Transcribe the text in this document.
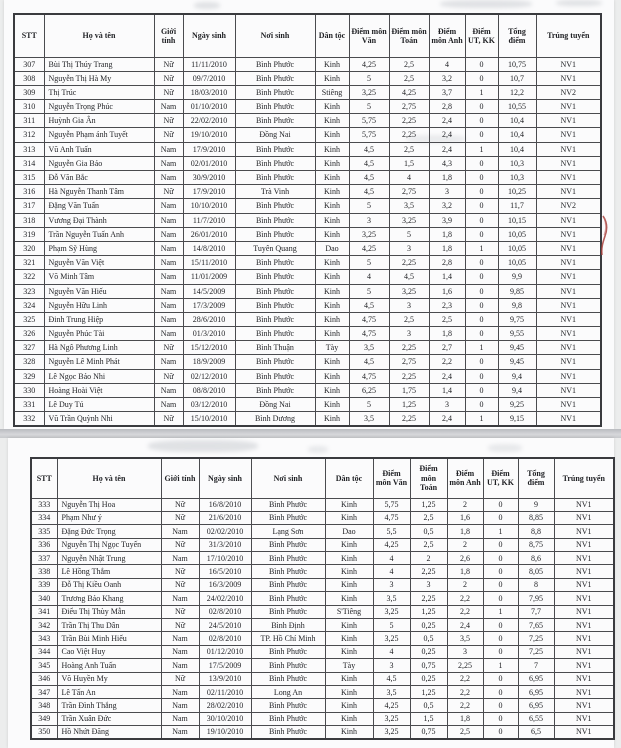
STT	Họ và tên	Giới tính	Ngày sinh	Nơi sinh	Dân tộc	Điểm môn Văn	Điểm môn Toán	Điểm môn Anh	Điểm UT, KK	Tổng điểm	Trúng tuyển
307	Bùi Thị Thúy Trang	Nữ	11/11/2010	Bình Phước	Kinh	4,25	2,5	4	0	10,75	NV1
308	Nguyễn Thị Hà My	Nữ	09/7/2010	Bình Phước	Kinh	5	2,5	3,2	0	10,7	NV1
309	Thị Trúc	Nữ	18/03/2010	Bình Phước	Stiêng	3,25	4,25	3,7	1	12,2	NV2
310	Nguyễn Trọng Phúc	Nam	01/10/2010	Bình Phước	Kinh	5	2,75	2,8	0	10,55	NV1
311	Huỳnh Gia Ân	Nữ	22/02/2010	Bình Phước	Kinh	5,75	2,25	2,4	0	10,4	NV1
312	Nguyễn Phạm ánh Tuyết	Nữ	19/10/2010	Đồng Nai	Kinh	5,75	2,25	2,4	0	10,4	NV1
313	Vũ Anh Tuấn	Nam	17/9/2010	Bình Phước	Kinh	4,5	2,5	2,4	1	10,4	NV1
314	Nguyễn Gia Bảo	Nam	02/01/2010	Bình Phước	Kinh	4,5	1,5	4,3	0	10,3	NV1
315	Đỗ Văn Bắc	Nam	30/9/2010	Bình Phước	Kinh	4,5	4	1,8	0	10,3	NV1
316	Hà Nguyễn Thanh Tâm	Nữ	17/9/2010	Trà Vinh	Kinh	4,5	2,75	3	0	10,25	NV1
317	Đặng Văn Tuấn	Nam	10/10/2010	Bình Phước	Kinh	5	3,5	3,2	0	11,7	NV2
318	Vương Đại Thành	Nam	11/7/2010	Bình Phước	Kinh	3	3,25	3,9	0	10,15	NV1
319	Trần Nguyễn Tuấn Anh	Nam	26/01/2010	Bình Phước	Kinh	3,25	5	1,8	0	10,05	NV1
320	Phạm Sỹ Hùng	Nam	14/8/2010	Tuyên Quang	Dao	4,25	3	1,8	1	10,05	NV1
321	Nguyễn Văn Việt	Nam	15/11/2010	Bình Phước	Kinh	5	2,25	2,8	0	10,05	NV1
322	Võ Minh Tâm	Nam	11/01/2009	Bình Phước	Kinh	4	4,5	1,4	0	9,9	NV1
323	Nguyễn Văn Hiếu	Nam	14/5/2009	Bình Phước	Kinh	5	3,25	1,6	0	9,85	NV1
324	Nguyễn Hữu Linh	Nam	17/3/2009	Bình Phước	Kinh	4,5	3	2,3	0	9,8	NV1
325	Đinh Trung Hiệp	Nam	28/6/2010	Bình Phước	Kinh	4,75	2,5	2,5	0	9,75	NV1
326	Nguyễn Phúc Tài	Nam	01/3/2010	Bình Phước	Kinh	4,75	3	1,8	0	9,55	NV1
327	Hà Ngô Phương Linh	Nữ	15/12/2010	Bình Thuận	Tày	3,5	2,25	2,7	1	9,45	NV1
328	Nguyễn Lê Minh Phát	Nam	18/9/2009	Bình Phước	Kinh	4,5	2,75	2,2	0	9,45	NV1
329	Lê Ngọc Bảo Nhi	Nữ	02/12/2010	Bình Phước	Kinh	4,75	2,25	2,4	0	9,4	NV1
330	Hoàng Hoài Việt	Nam	08/8/2010	Bình Phước	Kinh	6,25	1,75	1,4	0	9,4	NV1
331	Lê Duy Tú	Nam	03/12/2010	Đồng Nai	Kinh	5	1,25	3	0	9,25	NV1
332	Vũ Trần Quỳnh Nhi	Nữ	15/10/2010	Bình Dương	Kinh	3,5	2,25	2,4	1	9,15	NV1
STT	Họ và tên	Giới tính	Ngày sinh	Nơi sinh	Dân tộc	Điểm môn Văn	Điểm môn Toán	Điểm môn Anh	Điểm UT, KK	Tổng điểm	Trúng tuyển
333	Nguyễn Thị Hoa	Nữ	16/8/2010	Bình Phước	Kinh	5,75	1,25	2	0	9	NV1
334	Phạm Như ý	Nữ	21/6/2010	Bình Phước	Kinh	4,75	2,5	1,6	0	8,85	NV1
335	Đặng Đức Trọng	Nam	02/02/2010	Lạng Sơn	Dao	5,5	0,5	1,8	1	8,8	NV1
336	Nguyễn Thị Ngọc Tuyến	Nữ	31/3/2010	Bình Phước	Kinh	4,25	2,5	2	0	8,75	NV1
337	Nguyễn Nhật Trung	Nam	17/10/2010	Bình Phước	Kinh	4	2	2,6	0	8,6	NV1
338	Lê Hồng Thắm	Nữ	16/5/2010	Bình Phước	Kinh	4	2,25	1,8	0	8,05	NV1
339	Đỗ Thị Kiều Oanh	Nữ	16/3/2009	Bình Phước	Kinh	3	3	2	0	8	NV1
340	Trương Bảo Khang	Nam	24/02/2010	Bình Phước	Kinh	3,5	2,25	2,2	0	7,95	NV1
341	Điểu Thị Thùy Mẫn	Nữ	02/8/2010	Bình Phước	S'Tiêng	3,25	1,25	2,2	1	7,7	NV1
342	Trần Thị Thu Dân	Nữ	24/5/2010	Bình Định	Kinh	5	0,25	2,4	0	7,65	NV1
343	Trần Bùi Minh Hiếu	Nam	02/8/2010	TP. Hồ Chí Minh	Kinh	3,25	0,5	3,5	0	7,25	NV1
344	Cao Việt Huy	Nam	01/12/2010	Bình Phước	Kinh	4	0,25	3	0	7,25	NV1
345	Hoàng Anh Tuấn	Nam	17/5/2009	Bình Phước	Tày	3	0,75	2,25	1	7	NV1
346	Võ Huyền My	Nữ	13/9/2010	Bình Phước	Kinh	4,5	0,25	2,2	0	6,95	NV1
347	Lê Tấn An	Nam	02/11/2010	Long An	Kinh	3,5	1,25	2,2	0	6,95	NV1
348	Trần Đình Thắng	Nam	28/02/2010	Bình Phước	Kinh	4,25	0,5	2,2	0	6,95	NV1
349	Trần Xuân Đức	Nam	30/10/2010	Bình Phước	Kinh	3,25	1,5	1,8	0	6,55	NV1
350	Hồ Nhứt Đăng	Nam	19/10/2010	Bình Phước	Kinh	3,25	0,75	2,5	0	6,5	NV1
